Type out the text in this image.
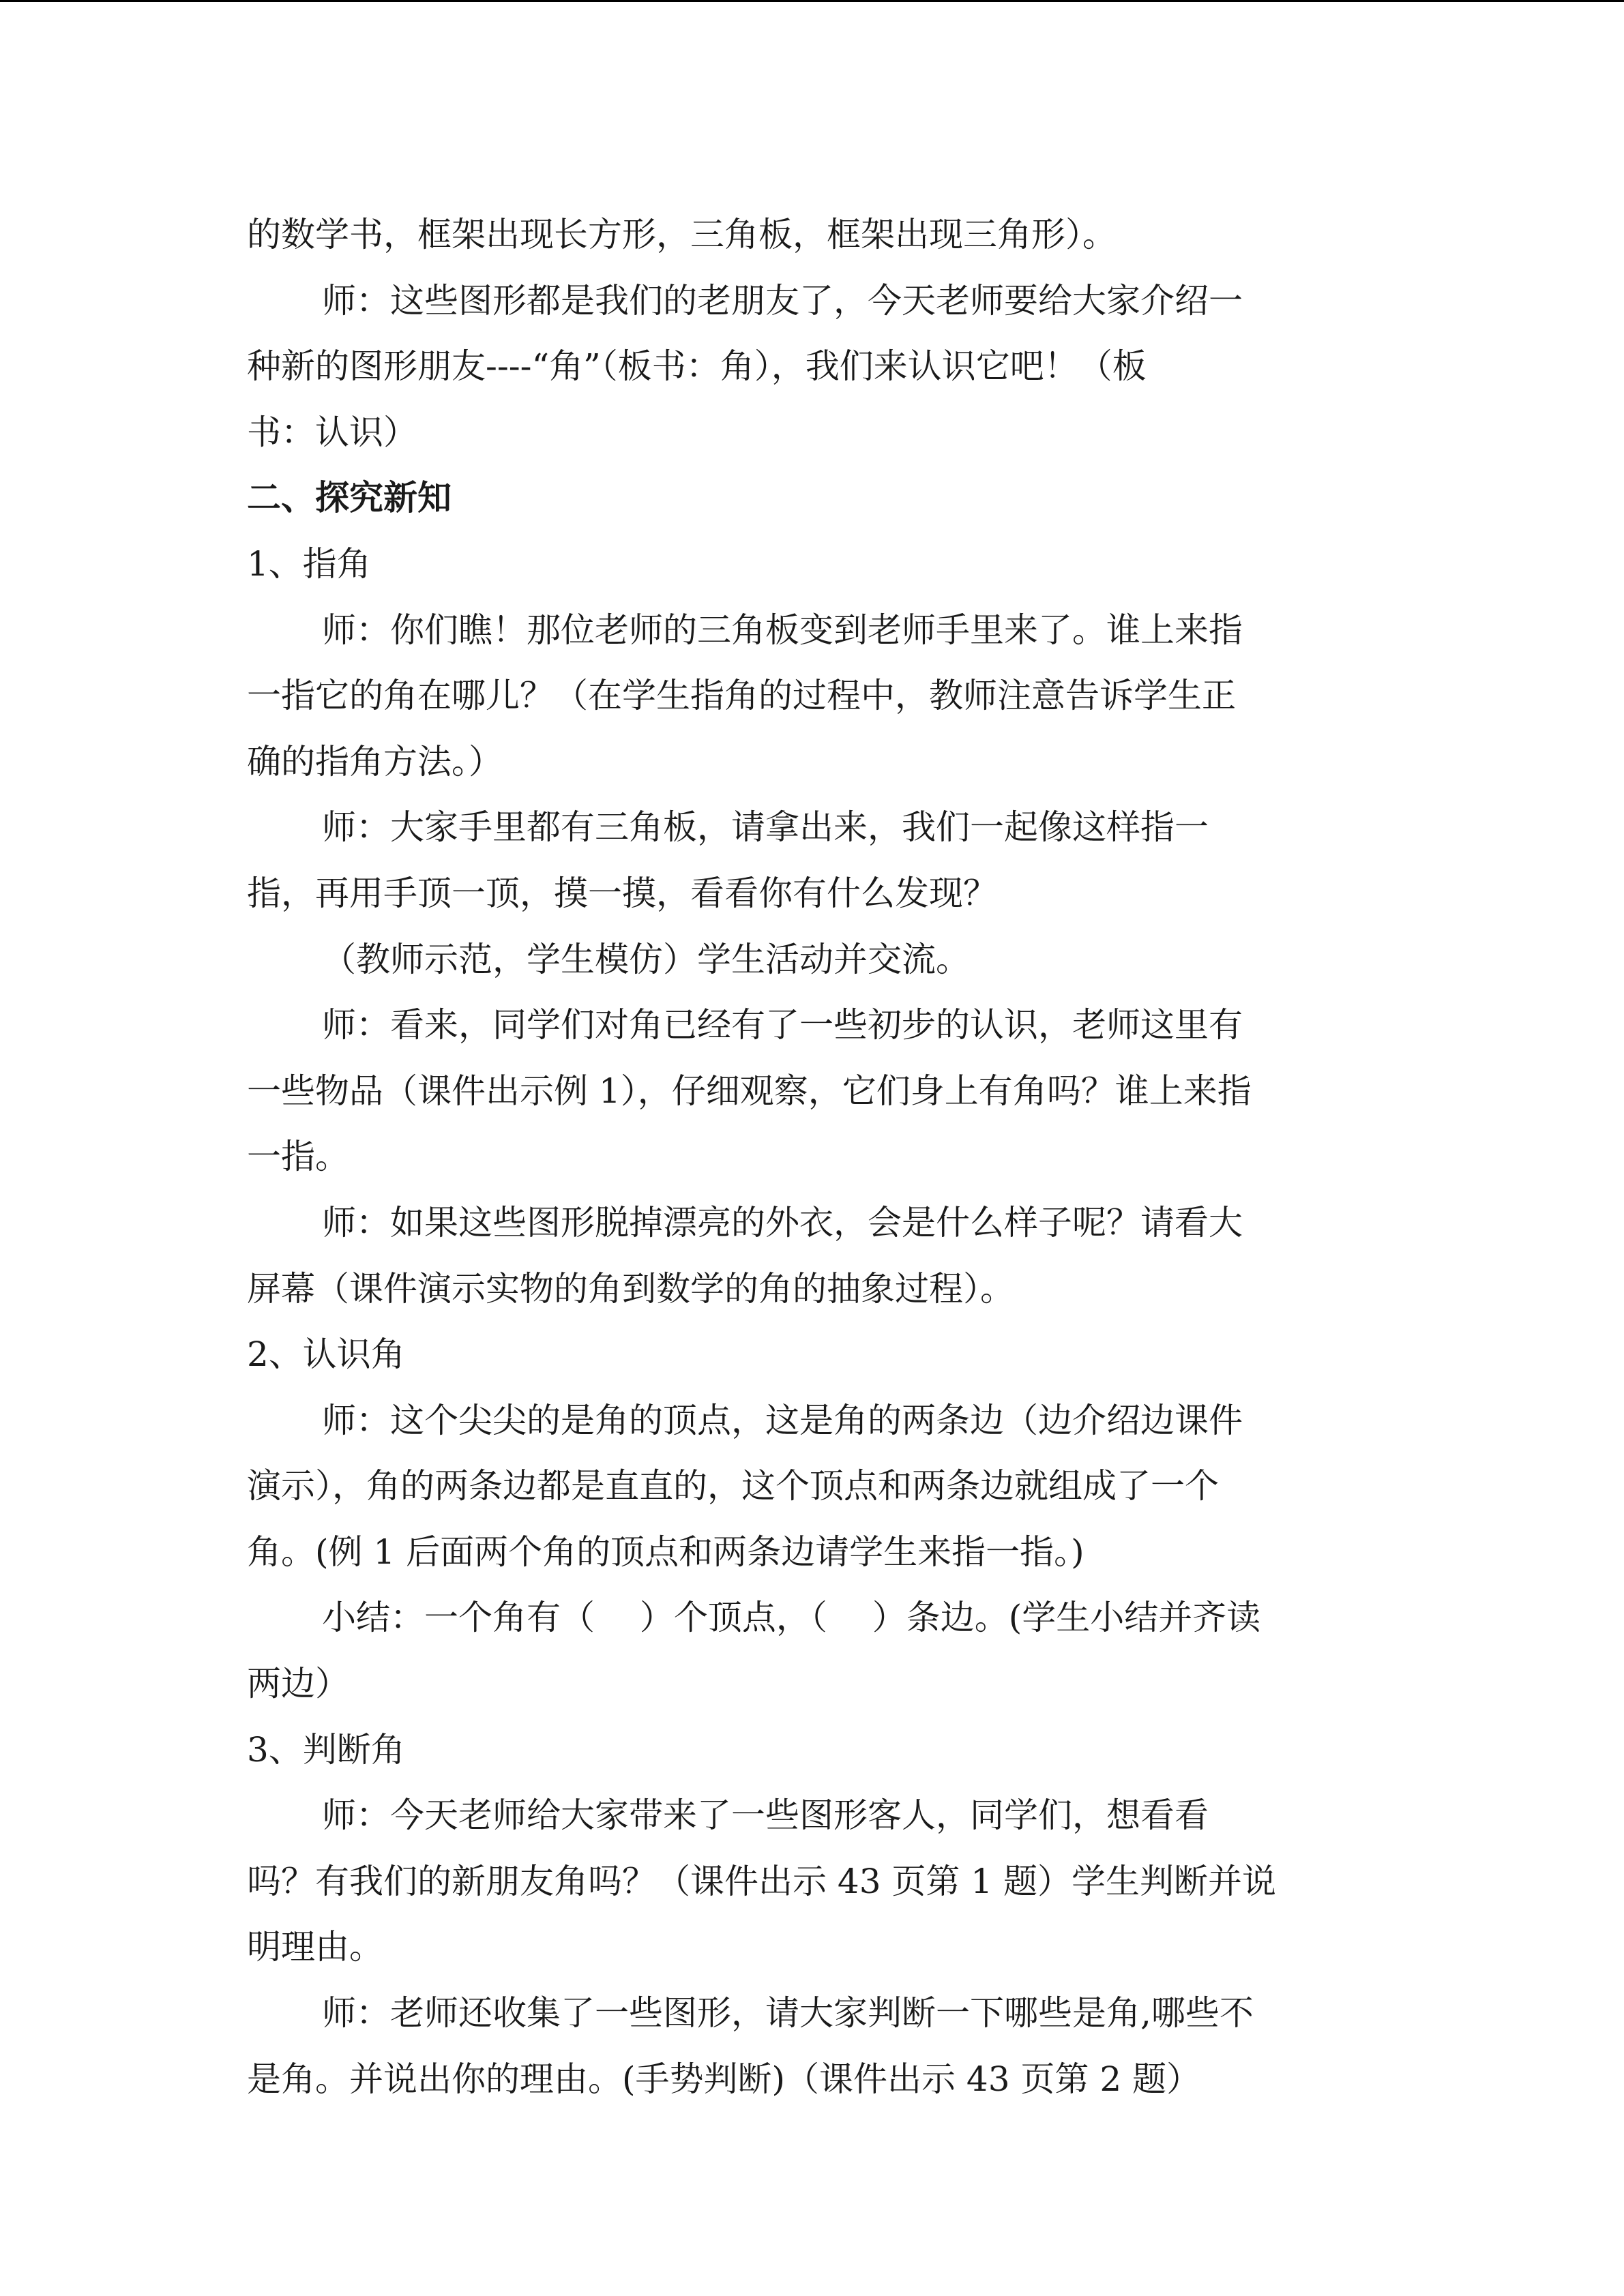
的数学书，框架出现长方形，三角板，框架出现三角形）。
师：这些图形都是我们的老朋友了，今天老师要给大家介绍一
种新的图形朋友----“角”（板书：角），我们来认识它吧！（板
书：认识）
二、探究新知
1、指角
师：你们瞧！那位老师的三角板变到老师手里来了。谁上来指
一指它的角在哪儿？（在学生指角的过程中，教师注意告诉学生正
确的指角方法。）
师：大家手里都有三角板，请拿出来，我们一起像这样指一
指，再用手顶一顶，摸一摸，看看你有什么发现？
（教师示范，学生模仿）学生活动并交流。
师：看来，同学们对角已经有了一些初步的认识，老师这里有
一些物品（课件出示例 1），仔细观察，它们身上有角吗？谁上来指
一指。
师：如果这些图形脱掉漂亮的外衣，会是什么样子呢？请看大
屏幕（课件演示实物的角到数学的角的抽象过程）。
2、认识角
师：这个尖尖的是角的顶点，这是角的两条边（边介绍边课件
演示），角的两条边都是直直的，这个顶点和两条边就组成了一个
角。(例 1 后面两个角的顶点和两条边请学生来指一指。)
小结：一个角有（　 ）个顶点，（　 ）条边。(学生小结并齐读
两边）
3、判断角
师：今天老师给大家带来了一些图形客人，同学们，想看看
吗？有我们的新朋友角吗？（课件出示 43 页第 1 题）学生判断并说
明理由。
师：老师还收集了一些图形，请大家判断一下哪些是角,哪些不
是角。并说出你的理由。(手势判断)（课件出示 43 页第 2 题）
